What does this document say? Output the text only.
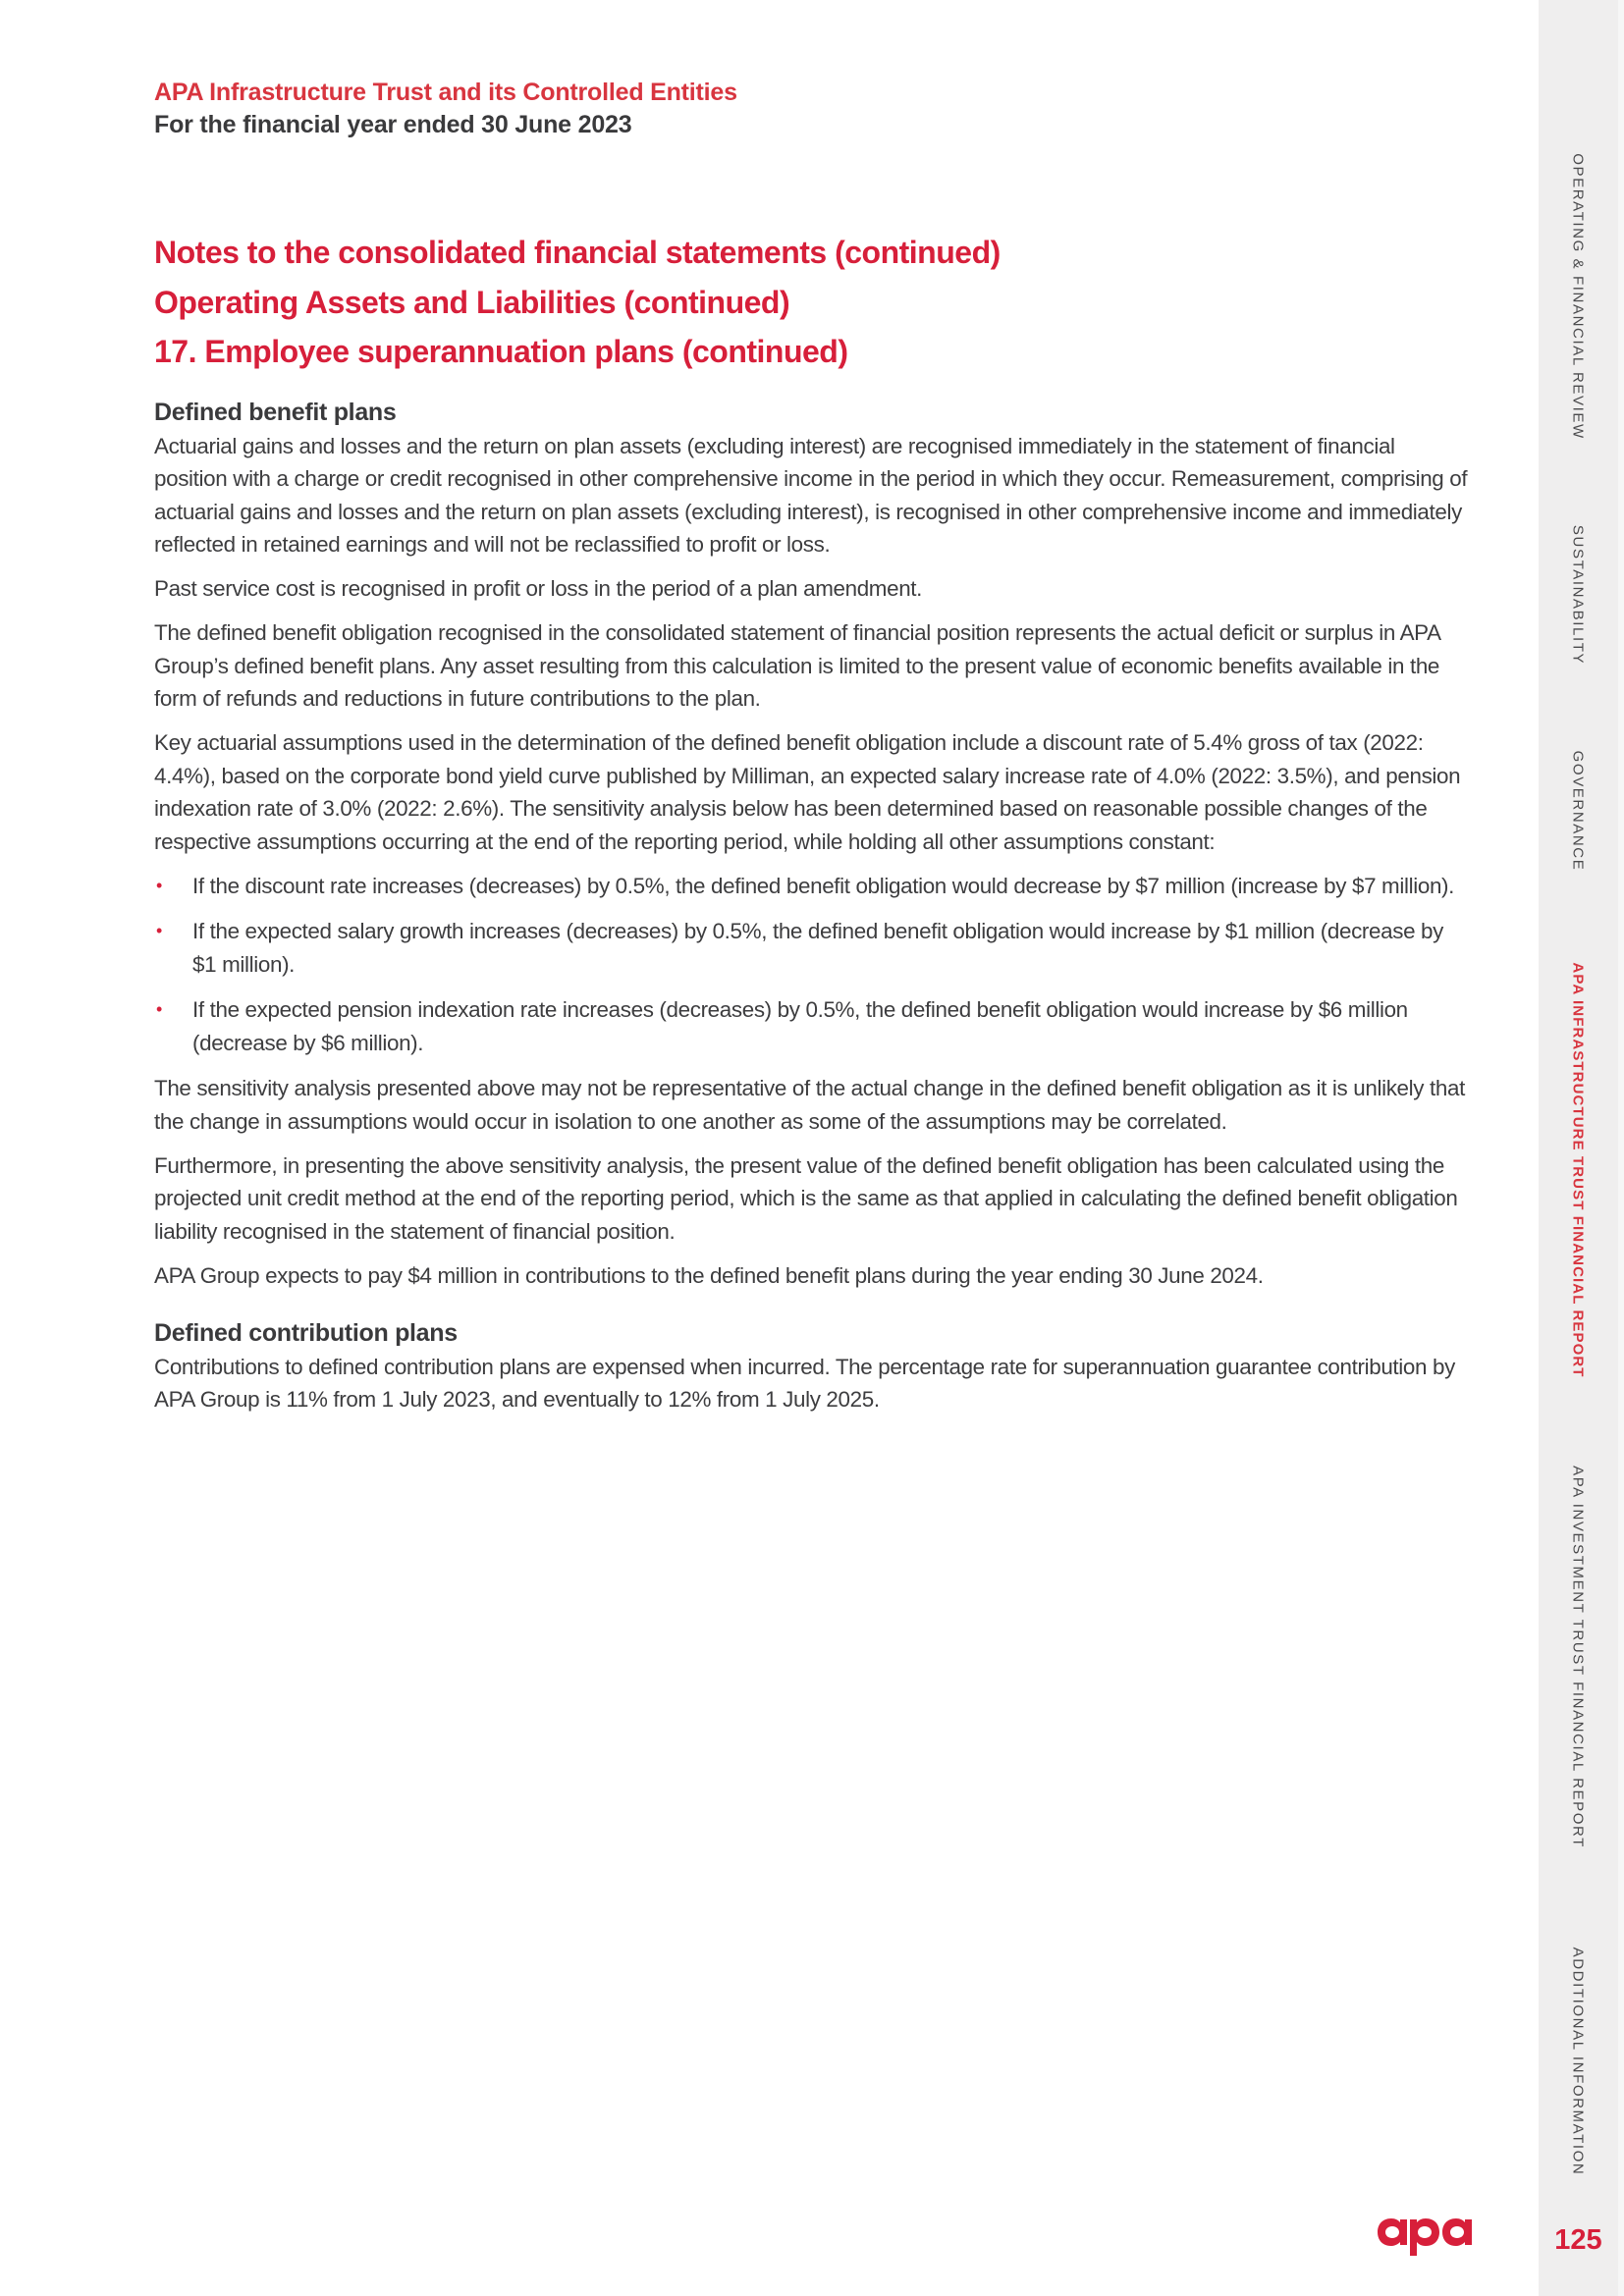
APA Infrastructure Trust and its Controlled Entities
For the financial year ended 30 June 2023
Notes to the consolidated financial statements (continued)
Operating Assets and Liabilities (continued)
17. Employee superannuation plans (continued)
Defined benefit plans

Actuarial gains and losses and the return on plan assets (excluding interest) are recognised immediately in the statement of financial position with a charge or credit recognised in other comprehensive income in the period in which they occur. Remeasurement, comprising of actuarial gains and losses and the return on plan assets (excluding interest), is recognised in other comprehensive income and immediately reflected in retained earnings and will not be reclassified to profit or loss.

Past service cost is recognised in profit or loss in the period of a plan amendment.

The defined benefit obligation recognised in the consolidated statement of financial position represents the actual deficit or surplus in APA Group’s defined benefit plans. Any asset resulting from this calculation is limited to the present value of economic benefits available in the form of refunds and reductions in future contributions to the plan.

Key actuarial assumptions used in the determination of the defined benefit obligation include a discount rate of 5.4% gross of tax (2022: 4.4%), based on the corporate bond yield curve published by Milliman, an expected salary increase rate of 4.0% (2022: 3.5%), and pension indexation rate of 3.0% (2022: 2.6%). The sensitivity analysis below has been determined based on reasonable possible changes of the respective assumptions occurring at the end of the reporting period, while holding all other assumptions constant:

• If the discount rate increases (decreases) by 0.5%, the defined benefit obligation would decrease by $7 million (increase by $7 million).
• If the expected salary growth increases (decreases) by 0.5%, the defined benefit obligation would increase by $1 million (decrease by $1 million).
• If the expected pension indexation rate increases (decreases) by 0.5%, the defined benefit obligation would increase by $6 million (decrease by $6 million).

The sensitivity analysis presented above may not be representative of the actual change in the defined benefit obligation as it is unlikely that the change in assumptions would occur in isolation to one another as some of the assumptions may be correlated.

Furthermore, in presenting the above sensitivity analysis, the present value of the defined benefit obligation has been calculated using the projected unit credit method at the end of the reporting period, which is the same as that applied in calculating the defined benefit obligation liability recognised in the statement of financial position.

APA Group expects to pay $4 million in contributions to the defined benefit plans during the year ending 30 June 2024.

Defined contribution plans

Contributions to defined contribution plans are expensed when incurred. The percentage rate for superannuation guarantee contribution by APA Group is 11% from 1 July 2023, and eventually to 12% from 1 July 2025.

OPERATING & FINANCIAL REVIEW
SUSTAINABILITY
GOVERNANCE
APA INFRASTRUCTURE TRUST FINANCIAL REPORT
APA INVESTMENT TRUST FINANCIAL REPORT
ADDITIONAL INFORMATION
125
